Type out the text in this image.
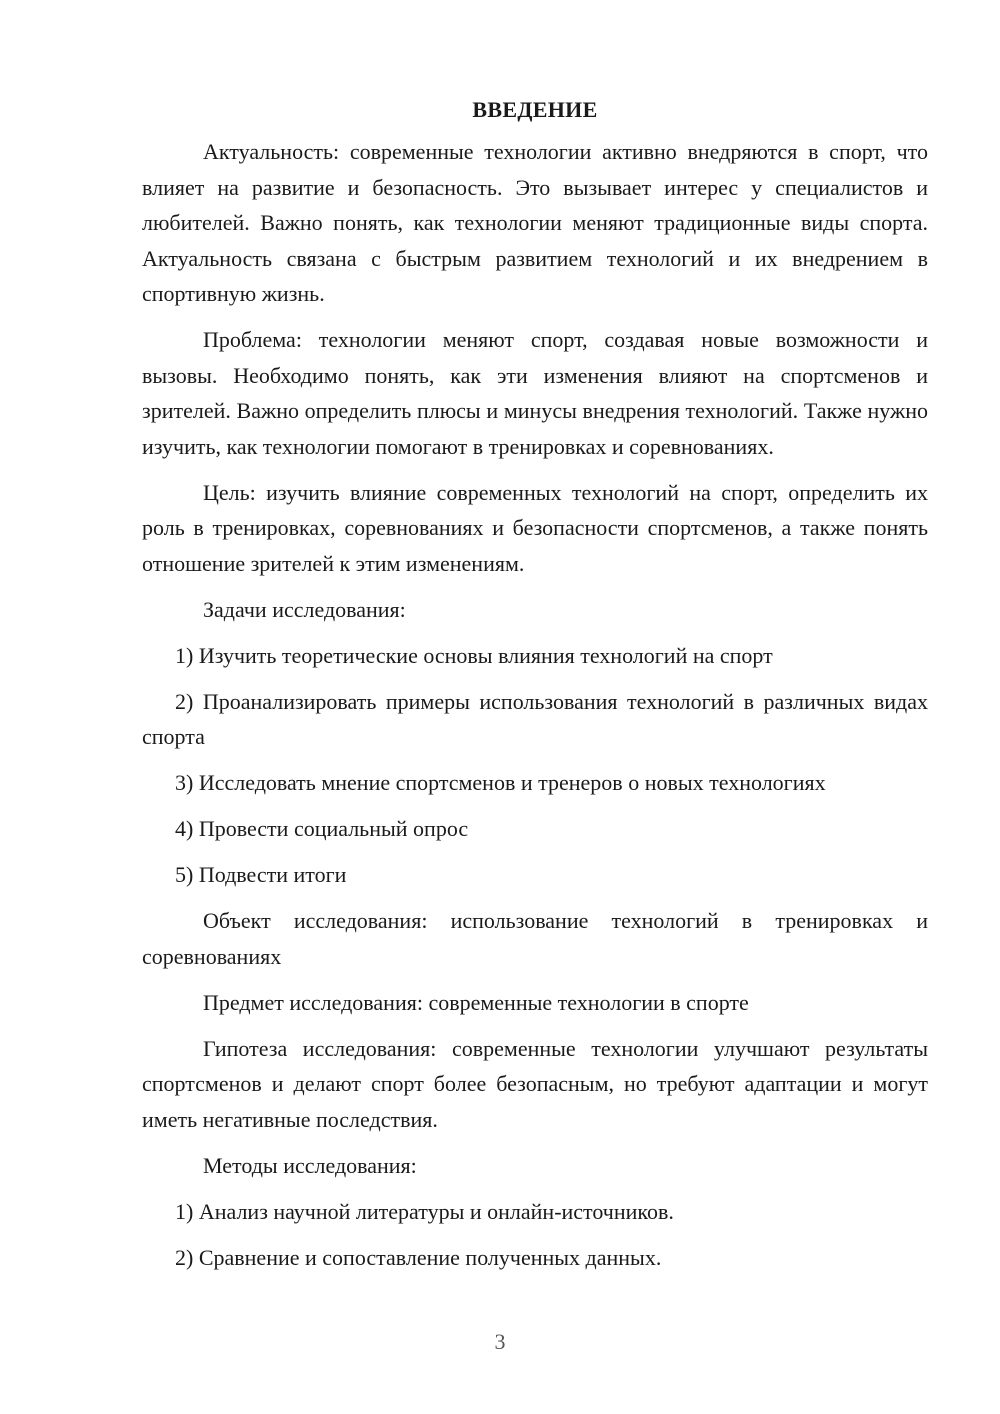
ВВЕДЕНИЕ

Актуальность: современные технологии активно внедряются в спорт, что влияет на развитие и безопасность. Это вызывает интерес у специалистов и любителей. Важно понять, как технологии меняют традиционные виды спорта. Актуальность связана с быстрым развитием технологий и их внедрением в спортивную жизнь.

Проблема: технологии меняют спорт, создавая новые возможности и вызовы. Необходимо понять, как эти изменения влияют на спортсменов и зрителей. Важно определить плюсы и минусы внедрения технологий. Также нужно изучить, как технологии помогают в тренировках и соревнованиях.

Цель: изучить влияние современных технологий на спорт, определить их роль в тренировках, соревнованиях и безопасности спортсменов, а также понять отношение зрителей к этим изменениям.

Задачи исследования:

1) Изучить теоретические основы влияния технологий на спорт

2) Проанализировать примеры использования технологий в различных видах спорта

3) Исследовать мнение спортсменов и тренеров о новых технологиях

4) Провести социальный опрос

5) Подвести итоги

Объект исследования: использование технологий в тренировках и соревнованиях

Предмет исследования: современные технологии в спорте

Гипотеза исследования: современные технологии улучшают результаты спортсменов и делают спорт более безопасным, но требуют адаптации и могут иметь негативные последствия.

Методы исследования:

1) Анализ научной литературы и онлайн-источников.

2) Сравнение и сопоставление полученных данных.

3
